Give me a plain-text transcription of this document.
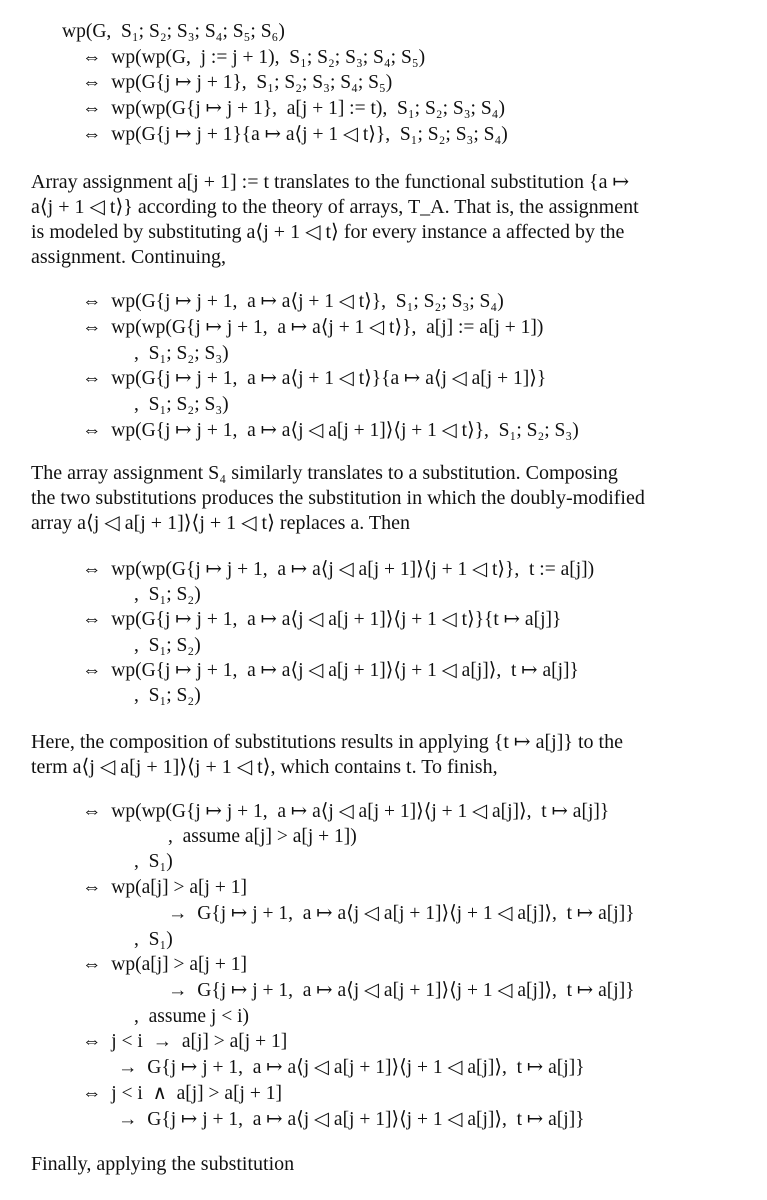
wp(G,  S₁; S₂; S₃; S₄; S₅; S₆)
⇔  wp(wp(G,  j := j + 1),  S₁; S₂; S₃; S₄; S₅)
⇔  wp(G{j ↦ j + 1},  S₁; S₂; S₃; S₄; S₅)
⇔  wp(wp(G{j ↦ j + 1},  a[j + 1] := t),  S₁; S₂; S₃; S₄)
⇔  wp(G{j ↦ j + 1}{a ↦ a⟨j + 1 ◁ t⟩},  S₁; S₂; S₃; S₄)
Array assignment a[j + 1] := t translates to the functional substitution {a ↦
a⟨j + 1 ◁ t⟩} according to the theory of arrays, T_A. That is, the assignment
is modeled by substituting a⟨j + 1 ◁ t⟩ for every instance a affected by the
assignment. Continuing,
⇔  wp(G{j ↦ j + 1,  a ↦ a⟨j + 1 ◁ t⟩},  S₁; S₂; S₃; S₄)
⇔  wp(wp(G{j ↦ j + 1,  a ↦ a⟨j + 1 ◁ t⟩},  a[j] := a[j + 1])
,  S₁; S₂; S₃)
⇔  wp(G{j ↦ j + 1,  a ↦ a⟨j + 1 ◁ t⟩}{a ↦ a⟨j ◁ a[j + 1]⟩}
,  S₁; S₂; S₃)
⇔  wp(G{j ↦ j + 1,  a ↦ a⟨j ◁ a[j + 1]⟩⟨j + 1 ◁ t⟩},  S₁; S₂; S₃)
The array assignment S₄ similarly translates to a substitution. Composing
the two substitutions produces the substitution in which the doubly-modified
array a⟨j ◁ a[j + 1]⟩⟨j + 1 ◁ t⟩ replaces a. Then
⇔  wp(wp(G{j ↦ j + 1,  a ↦ a⟨j ◁ a[j + 1]⟩⟨j + 1 ◁ t⟩},  t := a[j])
,  S₁; S₂)
⇔  wp(G{j ↦ j + 1,  a ↦ a⟨j ◁ a[j + 1]⟩⟨j + 1 ◁ t⟩}{t ↦ a[j]}
,  S₁; S₂)
⇔  wp(G{j ↦ j + 1,  a ↦ a⟨j ◁ a[j + 1]⟩⟨j + 1 ◁ a[j]⟩,  t ↦ a[j]}
,  S₁; S₂)
Here, the composition of substitutions results in applying {t ↦ a[j]} to the
term a⟨j ◁ a[j + 1]⟩⟨j + 1 ◁ t⟩, which contains t. To finish,
⇔  wp(wp(G{j ↦ j + 1,  a ↦ a⟨j ◁ a[j + 1]⟩⟨j + 1 ◁ a[j]⟩,  t ↦ a[j]}
,  assume a[j] > a[j + 1])
,  S₁)
⇔  wp(a[j] > a[j + 1]
→  G{j ↦ j + 1,  a ↦ a⟨j ◁ a[j + 1]⟩⟨j + 1 ◁ a[j]⟩,  t ↦ a[j]}
,  S₁)
⇔  wp(a[j] > a[j + 1]
→  G{j ↦ j + 1,  a ↦ a⟨j ◁ a[j + 1]⟩⟨j + 1 ◁ a[j]⟩,  t ↦ a[j]}
,  assume j < i)
⇔  j < i  →  a[j] > a[j + 1]
→  G{j ↦ j + 1,  a ↦ a⟨j ◁ a[j + 1]⟩⟨j + 1 ◁ a[j]⟩,  t ↦ a[j]}
⇔  j < i  ∧  a[j] > a[j + 1]
→  G{j ↦ j + 1,  a ↦ a⟨j ◁ a[j + 1]⟩⟨j + 1 ◁ a[j]⟩,  t ↦ a[j]}
Finally, applying the substitution
